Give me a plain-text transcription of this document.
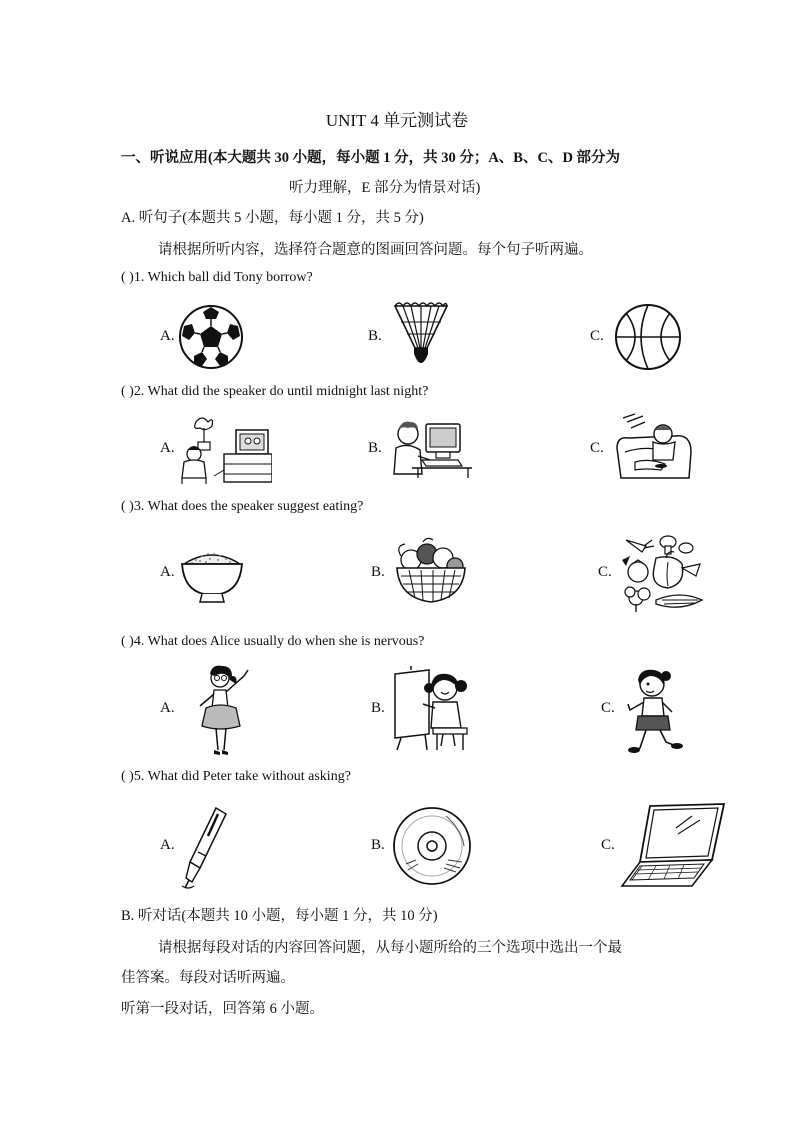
UNIT 4 单元测试卷
一、听说应用(本大题共 30 小题，每小题 1 分，共 30 分；A、B、C、D 部分为
听力理解，E 部分为情景对话)
A. 听句子(本题共 5 小题，每小题 1 分，共 5 分)
请根据所听内容，选择符合题意的图画回答问题。每个句子听两遍。
( )1. Which ball did Tony borrow?
A.	B.	C.
( )2. What did the speaker do until midnight last night?
A.	B.	C.
( )3. What does the speaker suggest eating?
A.	B.	C.
( )4. What does Alice usually do when she is nervous?
A.	B.	C.
( )5. What did Peter take without asking?
A.	B.	C.
B. 听对话(本题共 10 小题，每小题 1 分，共 10 分)
请根据每段对话的内容回答问题，从每小题所给的三个选项中选出一个最
佳答案。每段对话听两遍。
听第一段对话，回答第 6 小题。
